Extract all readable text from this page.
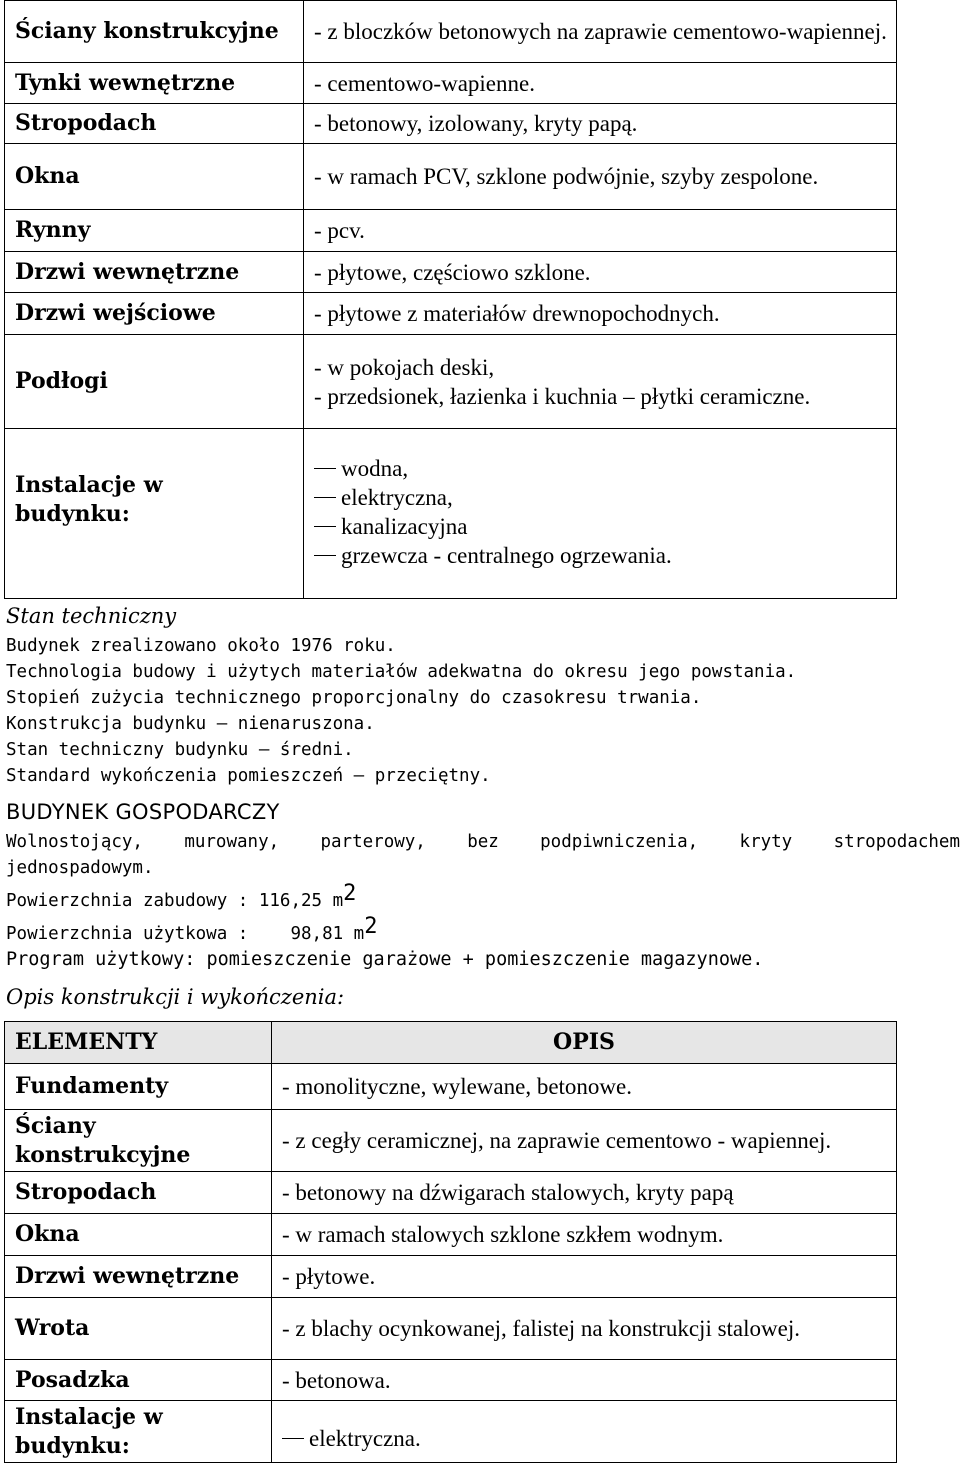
Ściany konstrukcyjne	- z bloczków betonowych na zaprawie cementowo-wapiennej.

Tynki wewnętrzne	- cementowo-wapienne.

Stropodach	- betonowy, izolowany, kryty papą.

Okna	- w ramach PCV, szklone podwójnie, szyby zespolone.

Rynny	- pcv.

Drzwi wewnętrzne	- płytowe, częściowo szklone.

Drzwi wejściowe	- płytowe z materiałów drewnopochodnych.

Podłogi	- w pokojach deski,
- przedsionek, łazienka i kuchnia – płytki ceramiczne.

Instalacje w budynku:	wodna,
elektryczna,
kanalizacyjna
grzewcza - centralnego ogrzewania.
Stan techniczny
Budynek zrealizowano około 1976 roku.
Technologia budowy i użytych materiałów adekwatna do okresu jego powstania.
Stopień zużycia technicznego proporcjonalny do czasokresu trwania.
Konstrukcja budynku – nienaruszona.
Stan techniczny budynku – średni.
Standard wykończenia pomieszczeń – przeciętny.
BUDYNEK GOSPODARCZY
Wolnostojący, murowany, parterowy, bez podpiwniczenia, kryty stropodachem
jednospadowym.
Powierzchnia zabudowy : 116,25 $m^2$
Powierzchnia użytkowa :    98,81 $m^2$
Program użytkowy: pomieszczenie garażowe + pomieszczenie magazynowe.
Opis konstrukcji i wykończenia:
ELEMENTY	OPIS
Fundamenty	- monolityczne, wylewane, betonowe.

Ściany konstrukcyjne	- z cegły ceramicznej, na zaprawie cementowo - wapiennej.

Stropodach	- betonowy na dźwigarach stalowych, kryty papą

Okna	- w ramach stalowych szklone szkłem wodnym.

Drzwi wewnętrzne	- płytowe.

Wrota	- z blachy ocynkowanej, falistej na konstrukcji stalowej.

Posadzka	- betonowa.

Instalacje w budynku:	elektryczna.
